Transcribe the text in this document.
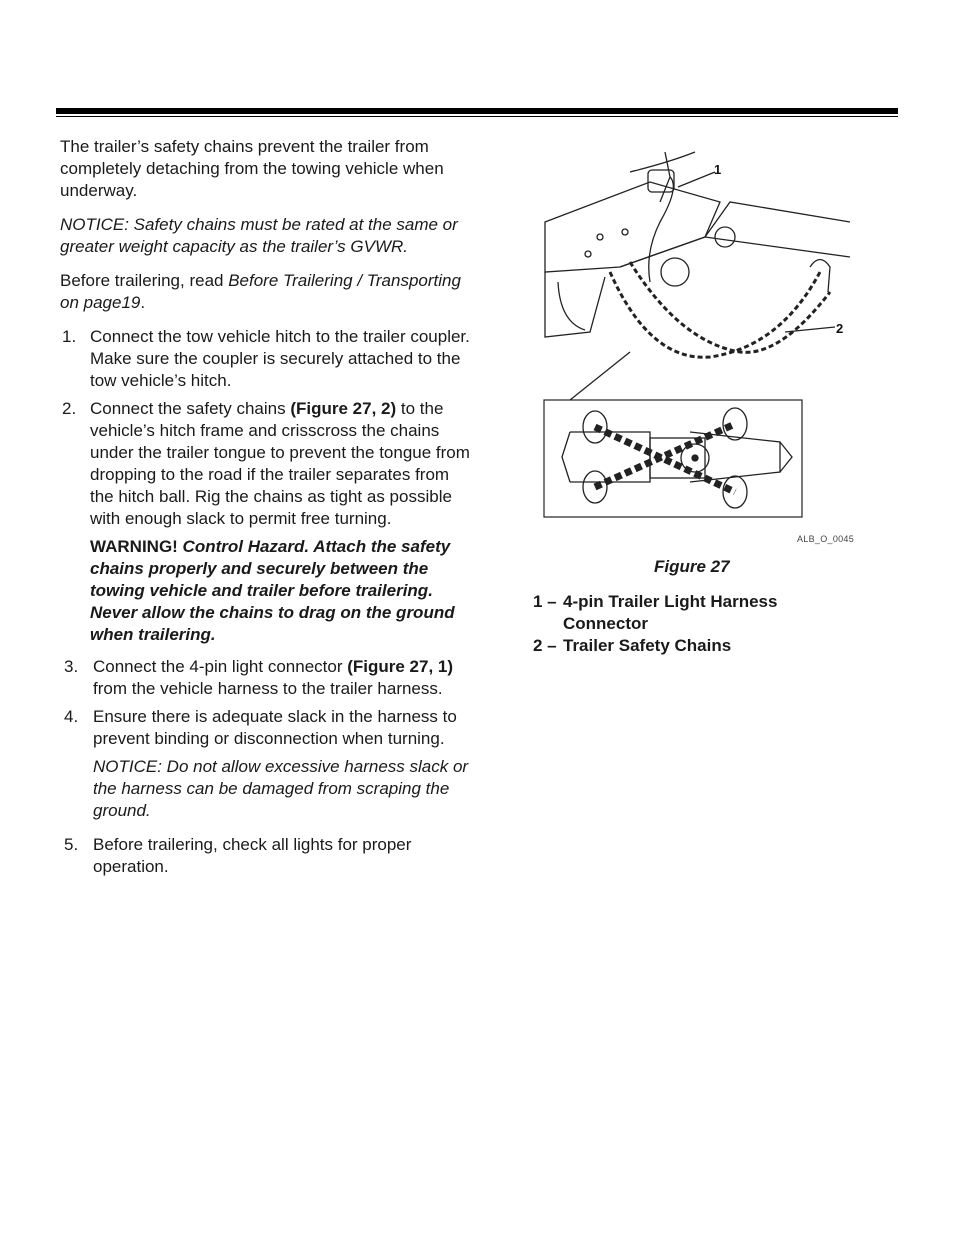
The trailer’s safety chains prevent the trailer from completely detaching from the towing vehicle when underway.

NOTICE: Safety chains must be rated at the same or greater weight capacity as the trailer’s GVWR.

Before trailering, read Before Trailering / Transporting on page19.

1. Connect the tow vehicle hitch to the trailer coupler. Make sure the coupler is securely attached to the tow vehicle’s hitch.
2. Connect the safety chains (Figure 27, 2) to the vehicle’s hitch frame and crisscross the chains under the trailer tongue to prevent the tongue from dropping to the road if the trailer separates from the hitch ball. Rig the chains as tight as possible with enough slack to permit free turning.

WARNING! Control Hazard. Attach the safety chains properly and securely between the towing vehicle and trailer before trailering. Never allow the chains to drag on the ground when trailering.

3. Connect the 4-pin light connector (Figure 27, 1) from the vehicle harness to the trailer harness.
4. Ensure there is adequate slack in the harness to prevent binding or disconnection when turning.

NOTICE: Do not allow excessive harness slack or the harness can be damaged from scraping the ground.

5. Before trailering, check all lights for proper operation.
1
2
ALB_O_0045
Figure 27
1 – 4-pin Trailer Light Harness Connector
2 – Trailer Safety Chains
